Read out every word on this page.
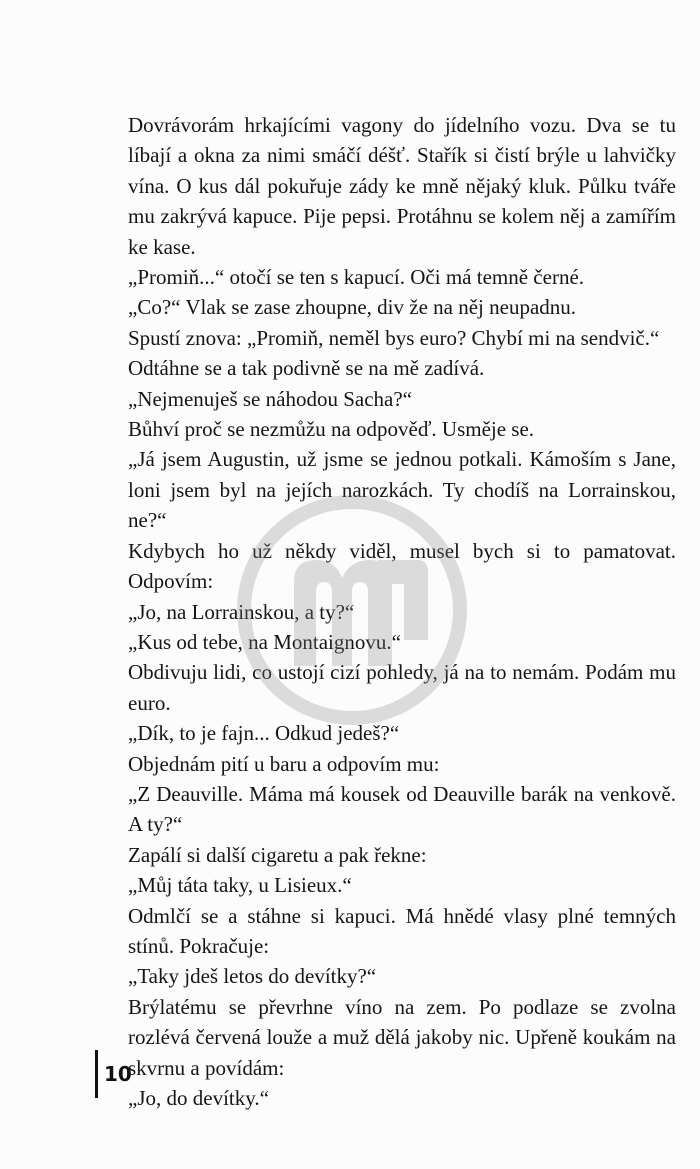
Dovrávorám hrkajícími vagony do jídelního vozu. Dva se tu líbají a okna za nimi smáčí déšť. Stařík si čistí brýle u lahvičky vína. O kus dál pokuřuje zády ke mně nějaký kluk. Půlku tváře mu zakrývá kapuce. Pije pepsi. Protáhnu se kolem něj a zamířím ke kase.

„Promiň...“ otočí se ten s kapucí. Oči má temně černé.

„Co?“ Vlak se zase zhoupne, div že na něj neupadnu.

Spustí znova: „Promiň, neměl bys euro? Chybí mi na sendvič.“

Odtáhne se a tak podivně se na mě zadívá.

„Nejmenuješ se náhodou Sacha?“

Bůhví proč se nezmůžu na odpověď. Usměje se.

„Já jsem Augustin, už jsme se jednou potkali. Kámoším s Jane, loni jsem byl na jejích narozkách. Ty chodíš na Lorrainskou, ne?“

Kdybych ho už někdy viděl, musel bych si to pamatovat. Odpovím:

„Jo, na Lorrainskou, a ty?“

„Kus od tebe, na Montaignovu.“

Obdivuju lidi, co ustojí cizí pohledy, já na to nemám. Podám mu euro.

„Dík, to je fajn... Odkud jedeš?“

Objednám pití u baru a odpovím mu:

„Z Deauville. Máma má kousek od Deauville barák na venkově. A ty?“

Zapálí si další cigaretu a pak řekne:

„Můj táta taky, u Lisieux.“

Odmlčí se a stáhne si kapuci. Má hnědé vlasy plné temných stínů. Pokračuje:

„Taky jdeš letos do devítky?“

Brýlatému se převrhne víno na zem. Po podlaze se zvolna rozlévá červená louže a muž dělá jakoby nic. Upřeně koukám na skvrnu a povídám:

„Jo, do devítky.“

10
